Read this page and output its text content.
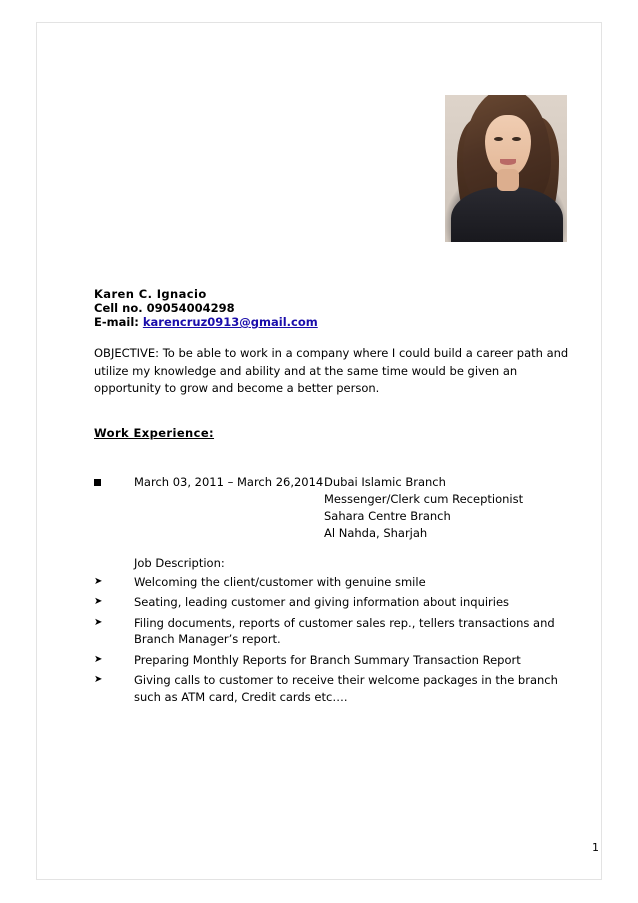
Karen C. Ignacio
Cell no. 09054004298
E-mail: karencruz0913@gmail.com
OBJECTIVE: To be able to work in a company where I could build a career path and utilize my knowledge and ability and at the same time would be given an opportunity to grow and become a better person.
Work Experience:
March 03, 2011 – March 26,2014 Dubai Islamic Branch
Messenger/Clerk cum Receptionist
Sahara Centre Branch
Al Nahda, Sharjah
Job Description:
➤	Welcoming the client/customer with genuine smile
➤	Seating, leading customer and giving information about inquiries
➤	Filing documents, reports of customer sales rep., tellers transactions and Branch Manager’s report.
➤	Preparing Monthly Reports for Branch Summary Transaction Report
➤	Giving calls to customer to receive their welcome packages in the branch such as ATM card, Credit cards etc….
1
